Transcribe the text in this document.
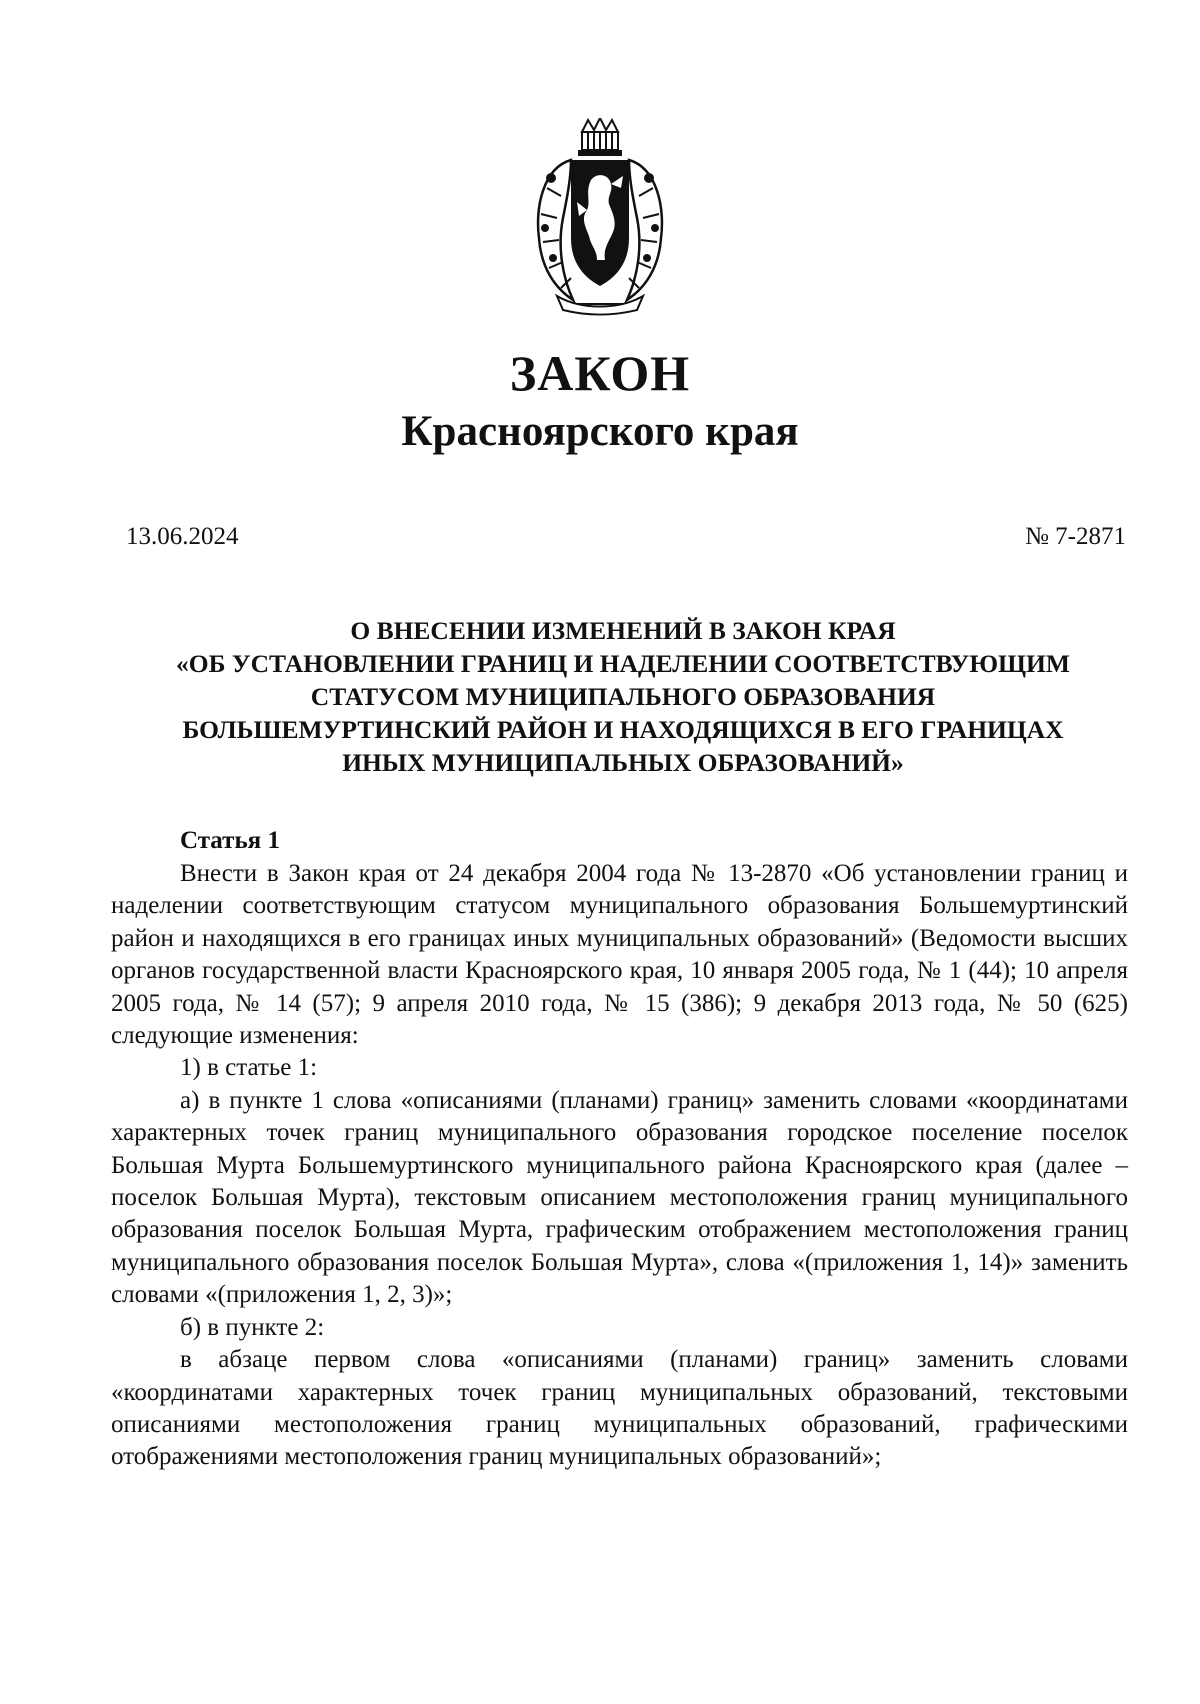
ЗАКОН
Красноярского края
13.06.2024	№ 7-2871
О ВНЕСЕНИИ ИЗМЕНЕНИЙ В ЗАКОН КРАЯ
«ОБ УСТАНОВЛЕНИИ ГРАНИЦ И НАДЕЛЕНИИ СООТВЕТСТВУЮЩИМ
СТАТУСОМ МУНИЦИПАЛЬНОГО ОБРАЗОВАНИЯ
БОЛЬШЕМУРТИНСКИЙ РАЙОН И НАХОДЯЩИХСЯ В ЕГО ГРАНИЦАХ
ИНЫХ МУНИЦИПАЛЬНЫХ ОБРАЗОВАНИЙ»
Статья 1

Внести в Закон края от 24 декабря 2004 года № 13-2870 «Об установлении границ и наделении соответствующим статусом муниципального образования Большемуртинский район и находящихся в его границах иных муниципальных образований» (Ведомости высших органов государственной власти Красноярского края, 10 января 2005 года, № 1 (44); 10 апреля 2005 года, № 14 (57); 9 апреля 2010 года, № 15 (386); 9 декабря 2013 года, № 50 (625) следующие изменения:

1) в статье 1:

а) в пункте 1 слова «описаниями (планами) границ» заменить словами «координатами характерных точек границ муниципального образования городское поселение поселок Большая Мурта Большемуртинского муниципального района Красноярского края (далее – поселок Большая Мурта), текстовым описанием местоположения границ муниципального образования поселок Большая Мурта, графическим отображением местоположения границ муниципального образования поселок Большая Мурта», слова «(приложения 1, 14)» заменить словами «(приложения 1, 2, 3)»;

б) в пункте 2:

в абзаце первом слова «описаниями (планами) границ» заменить словами «координатами характерных точек границ муниципальных образований, текстовыми описаниями местоположения границ муниципальных образований, графическими отображениями местоположения границ муниципальных образований»;
